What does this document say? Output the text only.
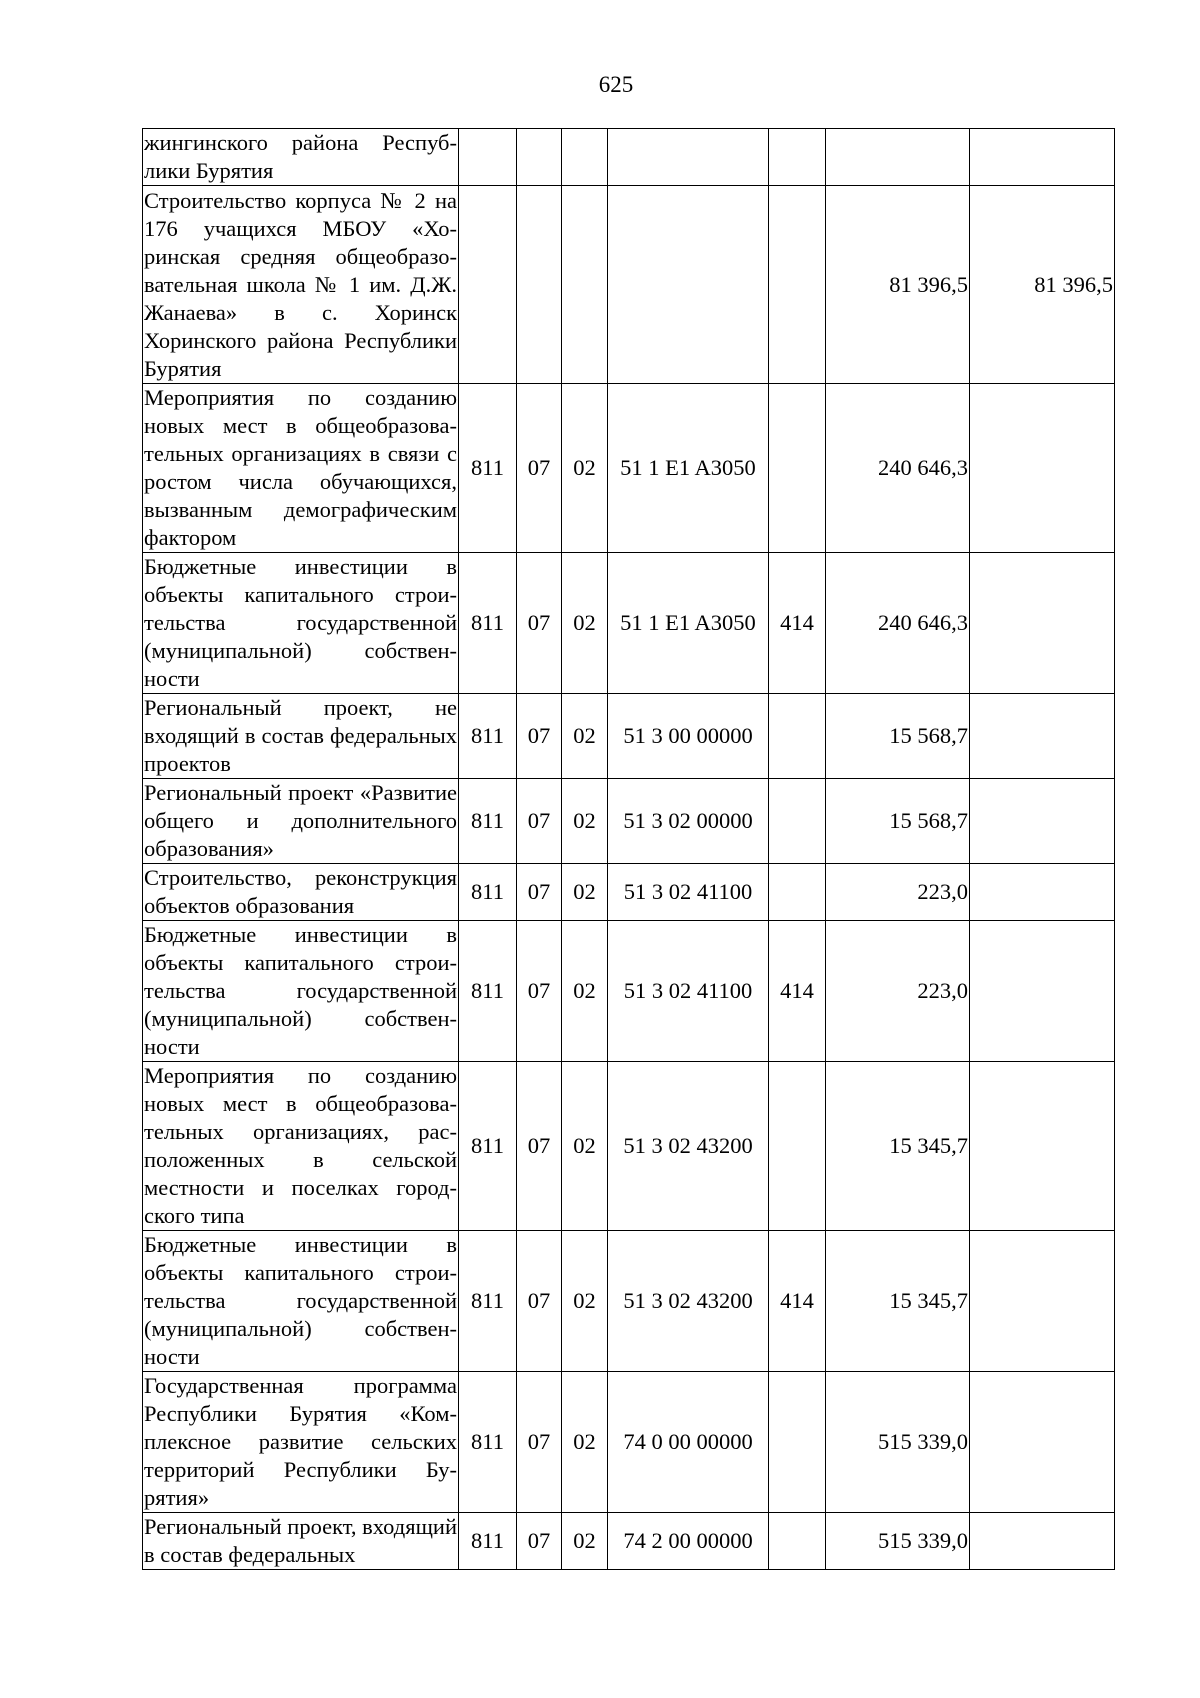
625
жингинского района Республики Бурятия							
Строительство корпуса № 2 на 176 учащихся МБОУ «Хоринская средняя общеобразовательная школа № 1 им. Д.Ж. Жанаева» в с. Хоринск Хоринского района Республики Бурятия						81 396,5	81 396,5
Мероприятия по созданию новых мест в общеобразовательных организациях в связи с ростом числа обучающихся, вызванным демографическим фактором	811	07	02	51 1 E1 A3050		240 646,3	
Бюджетные инвестиции в объекты капитального строительства государственной (муниципальной) собственности	811	07	02	51 1 E1 A3050	414	240 646,3	
Региональный проект, не входящий в состав федеральных проектов	811	07	02	51 3 00 00000		15 568,7	
Региональный проект «Развитие общего и дополнительного образования»	811	07	02	51 3 02 00000		15 568,7	
Строительство, реконструкция объектов образования	811	07	02	51 3 02 41100		223,0	
Бюджетные инвестиции в объекты капитального строительства государственной (муниципальной) собственности	811	07	02	51 3 02 41100	414	223,0	
Мероприятия по созданию новых мест в общеобразовательных организациях, расположенных в сельской местности и поселках городского типа	811	07	02	51 3 02 43200		15 345,7	
Бюджетные инвестиции в объекты капитального строительства государственной (муниципальной) собственности	811	07	02	51 3 02 43200	414	15 345,7	
Государственная программа Республики Бурятия «Комплексное развитие сельских территорий Республики Бурятия»	811	07	02	74 0 00 00000		515 339,0	
Региональный проект, входящий в состав федеральных	811	07	02	74 2 00 00000		515 339,0	
